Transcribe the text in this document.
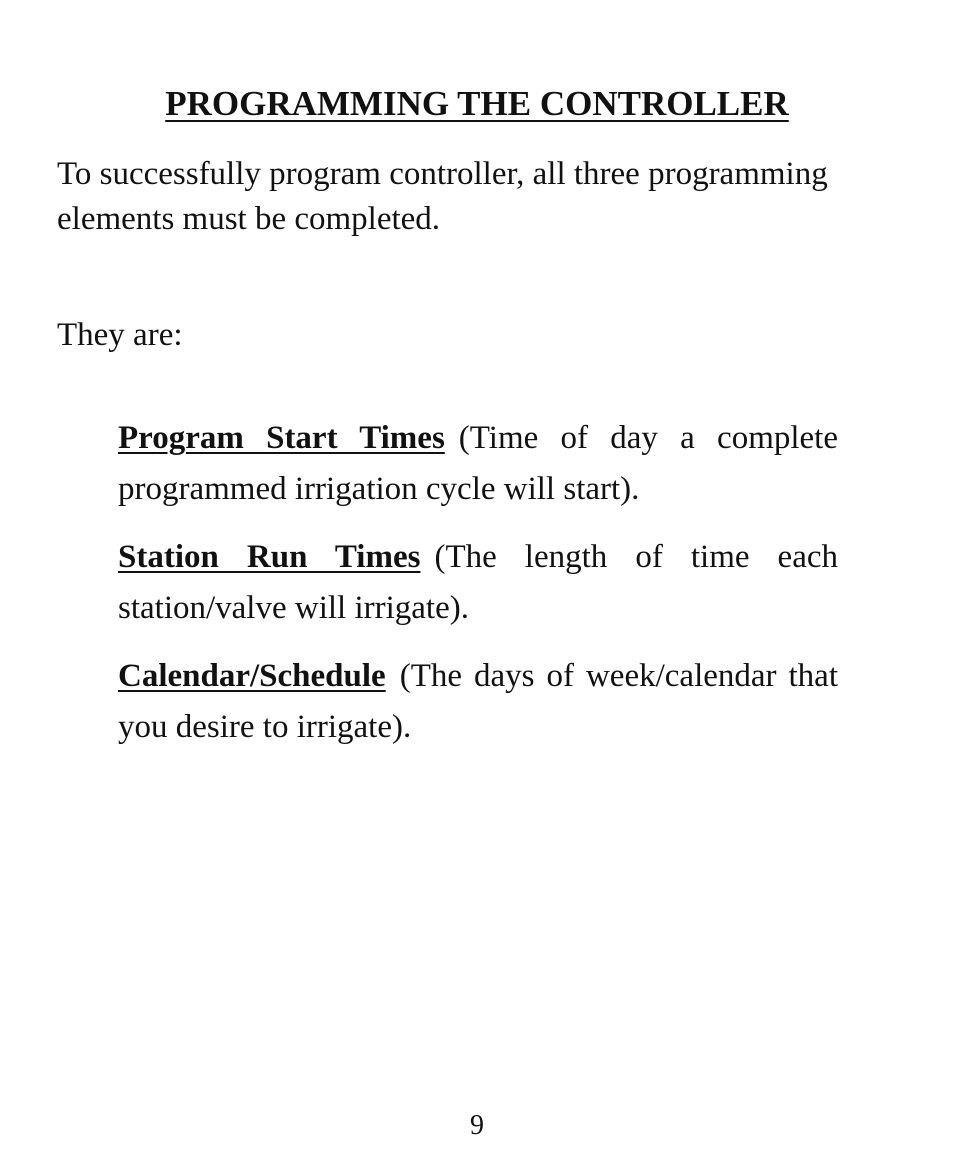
PROGRAMMING THE CONTROLLER

To successfully program controller, all three programming elements must be completed.

They are:

Program Start Times (Time of day a complete programmed irrigation cycle will start).
Station Run Times (The length of time each station/valve will irrigate).
Calendar/Schedule (The days of week/calendar that you desire to irrigate).

9
